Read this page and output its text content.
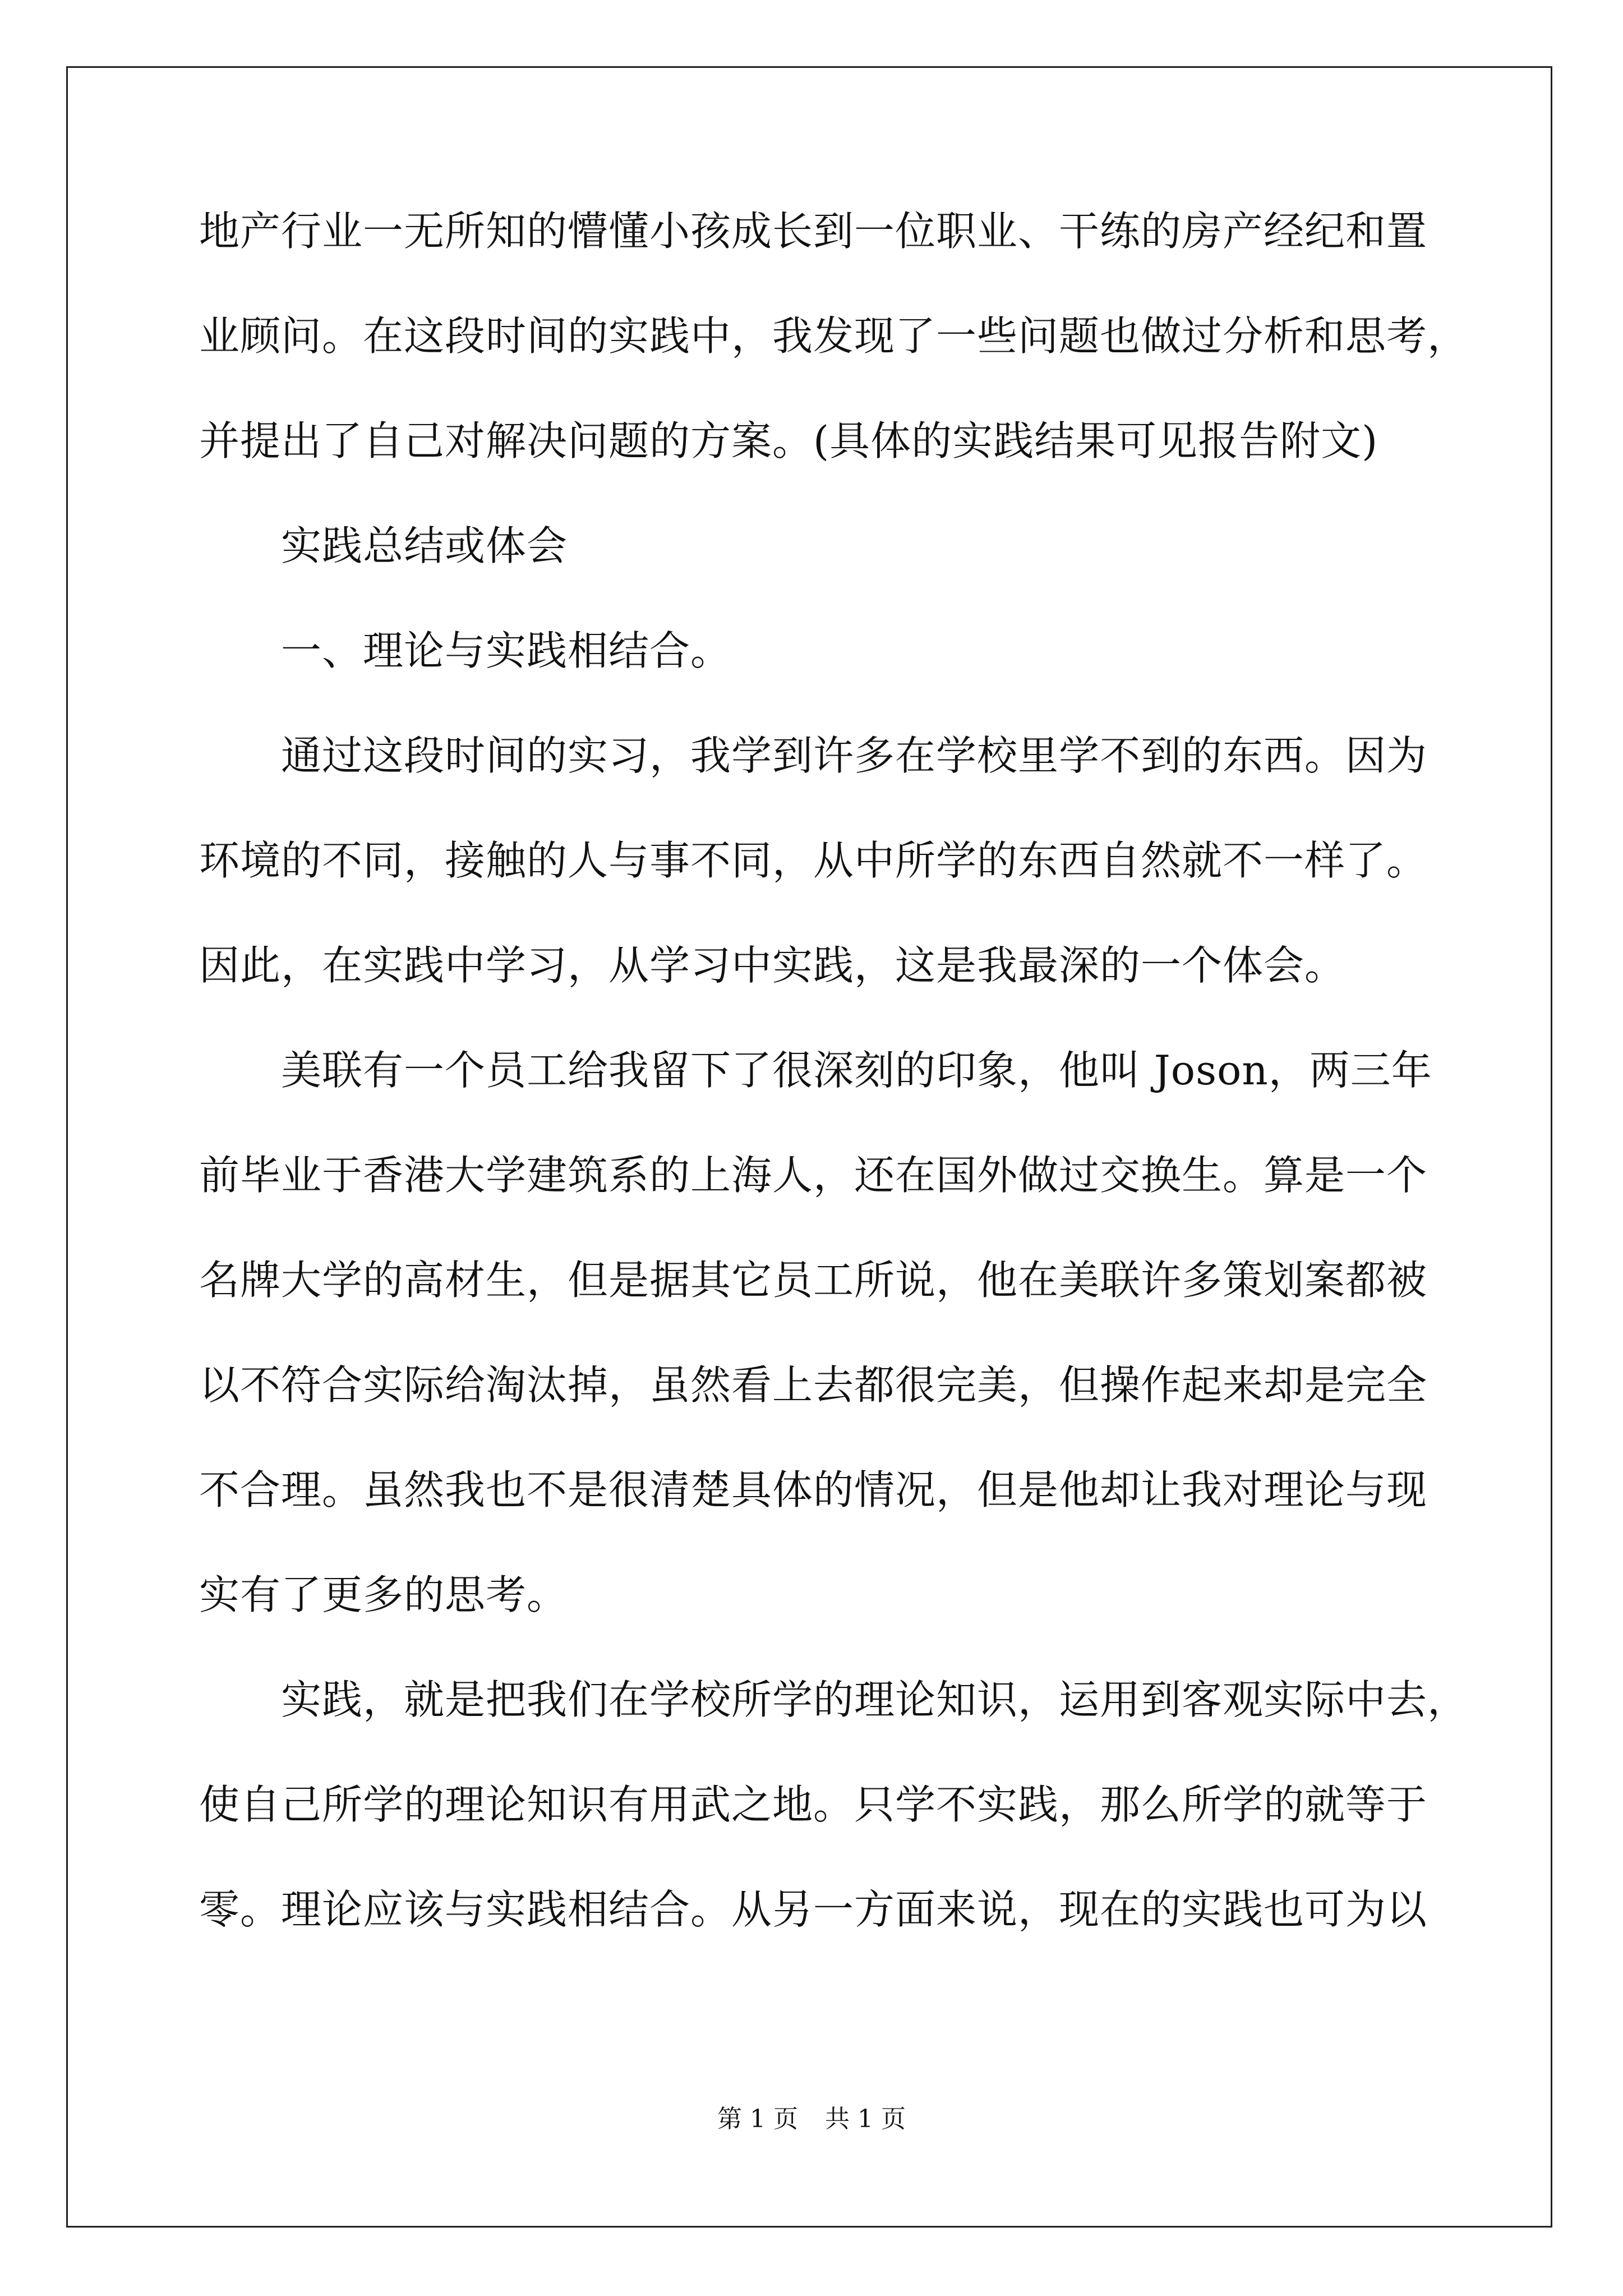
地产行业一无所知的懵懂小孩成长到一位职业、干练的房产经纪和置
业顾问。在这段时间的实践中，我发现了一些问题也做过分析和思考，
并提出了自己对解决问题的方案。(具体的实践结果可见报告附文)
实践总结或体会
一、理论与实践相结合。
通过这段时间的实习，我学到许多在学校里学不到的东西。因为
环境的不同，接触的人与事不同，从中所学的东西自然就不一样了。
因此，在实践中学习，从学习中实践，这是我最深的一个体会。
美联有一个员工给我留下了很深刻的印象，他叫 Joson，两三年
前毕业于香港大学建筑系的上海人，还在国外做过交换生。算是一个
名牌大学的高材生，但是据其它员工所说，他在美联许多策划案都被
以不符合实际给淘汰掉，虽然看上去都很完美，但操作起来却是完全
不合理。虽然我也不是很清楚具体的情况，但是他却让我对理论与现
实有了更多的思考。
实践，就是把我们在学校所学的理论知识，运用到客观实际中去，
使自己所学的理论知识有用武之地。只学不实践，那么所学的就等于
零。理论应该与实践相结合。从另一方面来说，现在的实践也可为以
第 1 页 共 1 页
